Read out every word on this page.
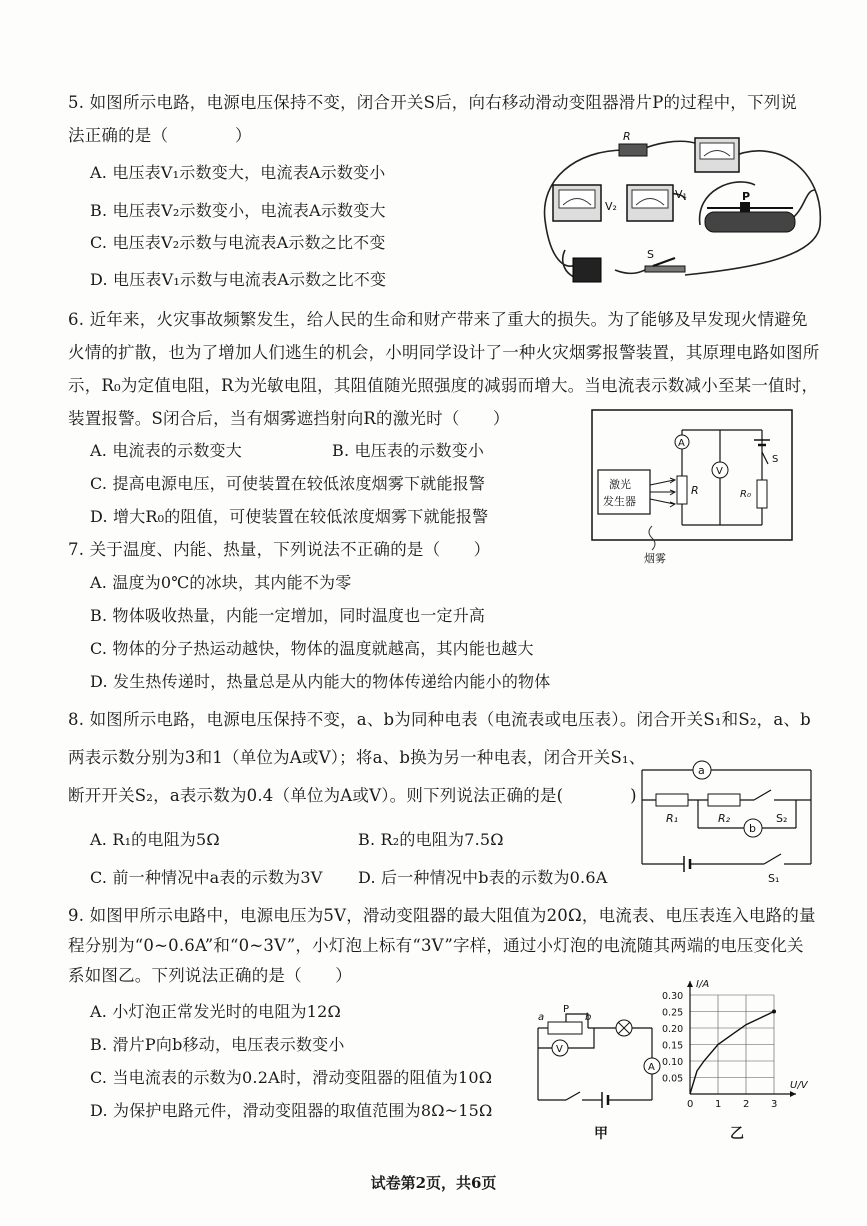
5. 如图所示电路，电源电压保持不变，闭合开关S后，向右移动滑动变阻器滑片P的过程中，下列说
法正确的是（　　　　）
A. 电压表V₁示数变大，电流表A示数变小
B. 电压表V₂示数变小，电流表A示数变大
C. 电压表V₂示数与电流表A示数之比不变
D. 电压表V₁示数与电流表A示数之比不变
R
V₂
V₁	P
S
6. 近年来，火灾事故频繁发生，给人民的生命和财产带来了重大的损失。为了能够及早发现火情避免
火情的扩散，也为了增加人们逃生的机会，小明同学设计了一种火灾烟雾报警装置，其原理电路如图所
示，R₀为定值电阻，R为光敏电阻，其阻值随光照强度的减弱而增大。当电流表示数减小至某一值时，
装置报警。S闭合后，当有烟雾遮挡射向R的激光时（　　）
A. 电流表的示数变大	B. 电压表的示数变小
C. 提高电源电压，可使装置在较低浓度烟雾下就能报警
D. 增大R₀的阻值，可使装置在较低浓度烟雾下就能报警
激光
发生器
A
R
V
S
R₀
烟雾
7. 关于温度、内能、热量，下列说法不正确的是（　　）
A. 温度为0℃的冰块，其内能不为零
B. 物体吸收热量，内能一定增加，同时温度也一定升高
C. 物体的分子热运动越快，物体的温度就越高，其内能也越大
D. 发生热传递时，热量总是从内能大的物体传递给内能小的物体
8. 如图所示电路，电源电压保持不变，a、b为同种电表（电流表或电压表）。闭合开关S₁和S₂，a、b
两表示数分别为3和1（单位为A或V）；将a、b换为另一种电表，闭合开关S₁、
断开开关S₂，a表示数为0.4（单位为A或V）。则下列说法正确的是(　　　　)
A. R₁的电阻为5Ω	B. R₂的电阻为7.5Ω
C. 前一种情况中a表的示数为3V D. 后一种情况中b表的示数为0.6A
a
R₁	R₂	S₂
b
S₁
9. 如图甲所示电路中，电源电压为5V，滑动变阻器的最大阻值为20Ω，电流表、电压表连入电路的量
程分别为“0~0.6A”和“0~3V”，小灯泡上标有“3V”字样，通过小灯泡的电流随其两端的电压变化关
系如图乙。下列说法正确的是（　　）
A. 小灯泡正常发光时的电阻为12Ω
B. 滑片P向b移动，电压表示数变小
C. 当电流表的示数为0.2A时，滑动变阻器的阻值为10Ω
D. 为保护电路元件，滑动变阻器的取值范围为8Ω~15Ω
a
P
b
A
V
甲
I/A
U/V
0.30
0.25
0.20
0.15
0.10
0.05
0 1 2 3
乙
试卷第2页，共6页
